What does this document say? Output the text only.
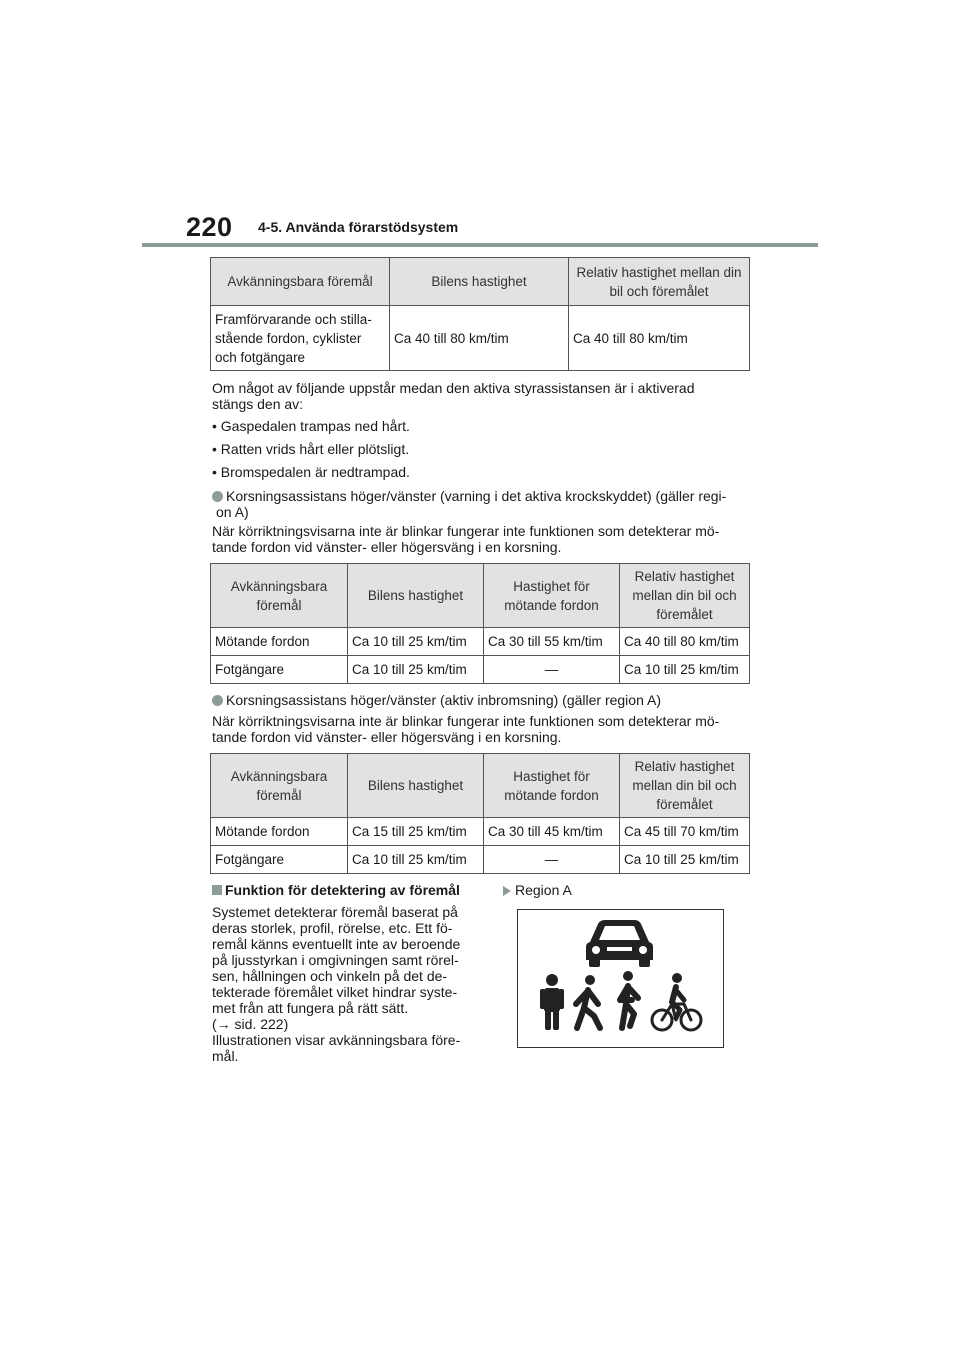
220 4-5. Använda förarstödsystem
Avkänningsbara föremål	Bilens hastighet	Relativ hastighet mellan din bil och föremålet
Framförvarande och stilla-stående fordon, cyklister och fotgängare	Ca 40 till 80 km/tim	Ca 40 till 80 km/tim
Om något av följande uppstår medan den aktiva styrassistansen är i aktiverad
stängs den av:
• Gaspedalen trampas ned hårt.
• Ratten vrids hårt eller plötsligt.
• Bromspedalen är nedtrampad.
Korsningsassistans höger/vänster (varning i det aktiva krockskyddet) (gäller regi-
on A)
När körriktningsvisarna inte är blinkar fungerar inte funktionen som detekterar mö-
tande fordon vid vänster- eller högersväng i en korsning.
Avkänningsbara föremål	Bilens hastighet	Hastighet för mötande fordon	Relativ hastighet mellan din bil och föremålet
Mötande fordon	Ca 10 till 25 km/tim	Ca 30 till 55 km/tim	Ca 40 till 80 km/tim
Fotgängare	Ca 10 till 25 km/tim	—	Ca 10 till 25 km/tim
Korsningsassistans höger/vänster (aktiv inbromsning) (gäller region A)
När körriktningsvisarna inte är blinkar fungerar inte funktionen som detekterar mö-
tande fordon vid vänster- eller högersväng i en korsning.
Avkänningsbara föremål	Bilens hastighet	Hastighet för mötande fordon	Relativ hastighet mellan din bil och föremålet
Mötande fordon	Ca 15 till 25 km/tim	Ca 30 till 45 km/tim	Ca 45 till 70 km/tim
Fotgängare	Ca 10 till 25 km/tim	—	Ca 10 till 25 km/tim
Funktion för detektering av föremål
Systemet detekterar föremål baserat på
deras storlek, profil, rörelse, etc. Ett fö-
remål känns eventuellt inte av beroende
på ljusstyrkan i omgivningen samt rörel-
sen, hållningen och vinkeln på det de-
tekterade föremålet vilket hindrar syste-
met från att fungera på rätt sätt.
(→ sid. 222)
Illustrationen visar avkänningsbara före-
mål.
Region A
